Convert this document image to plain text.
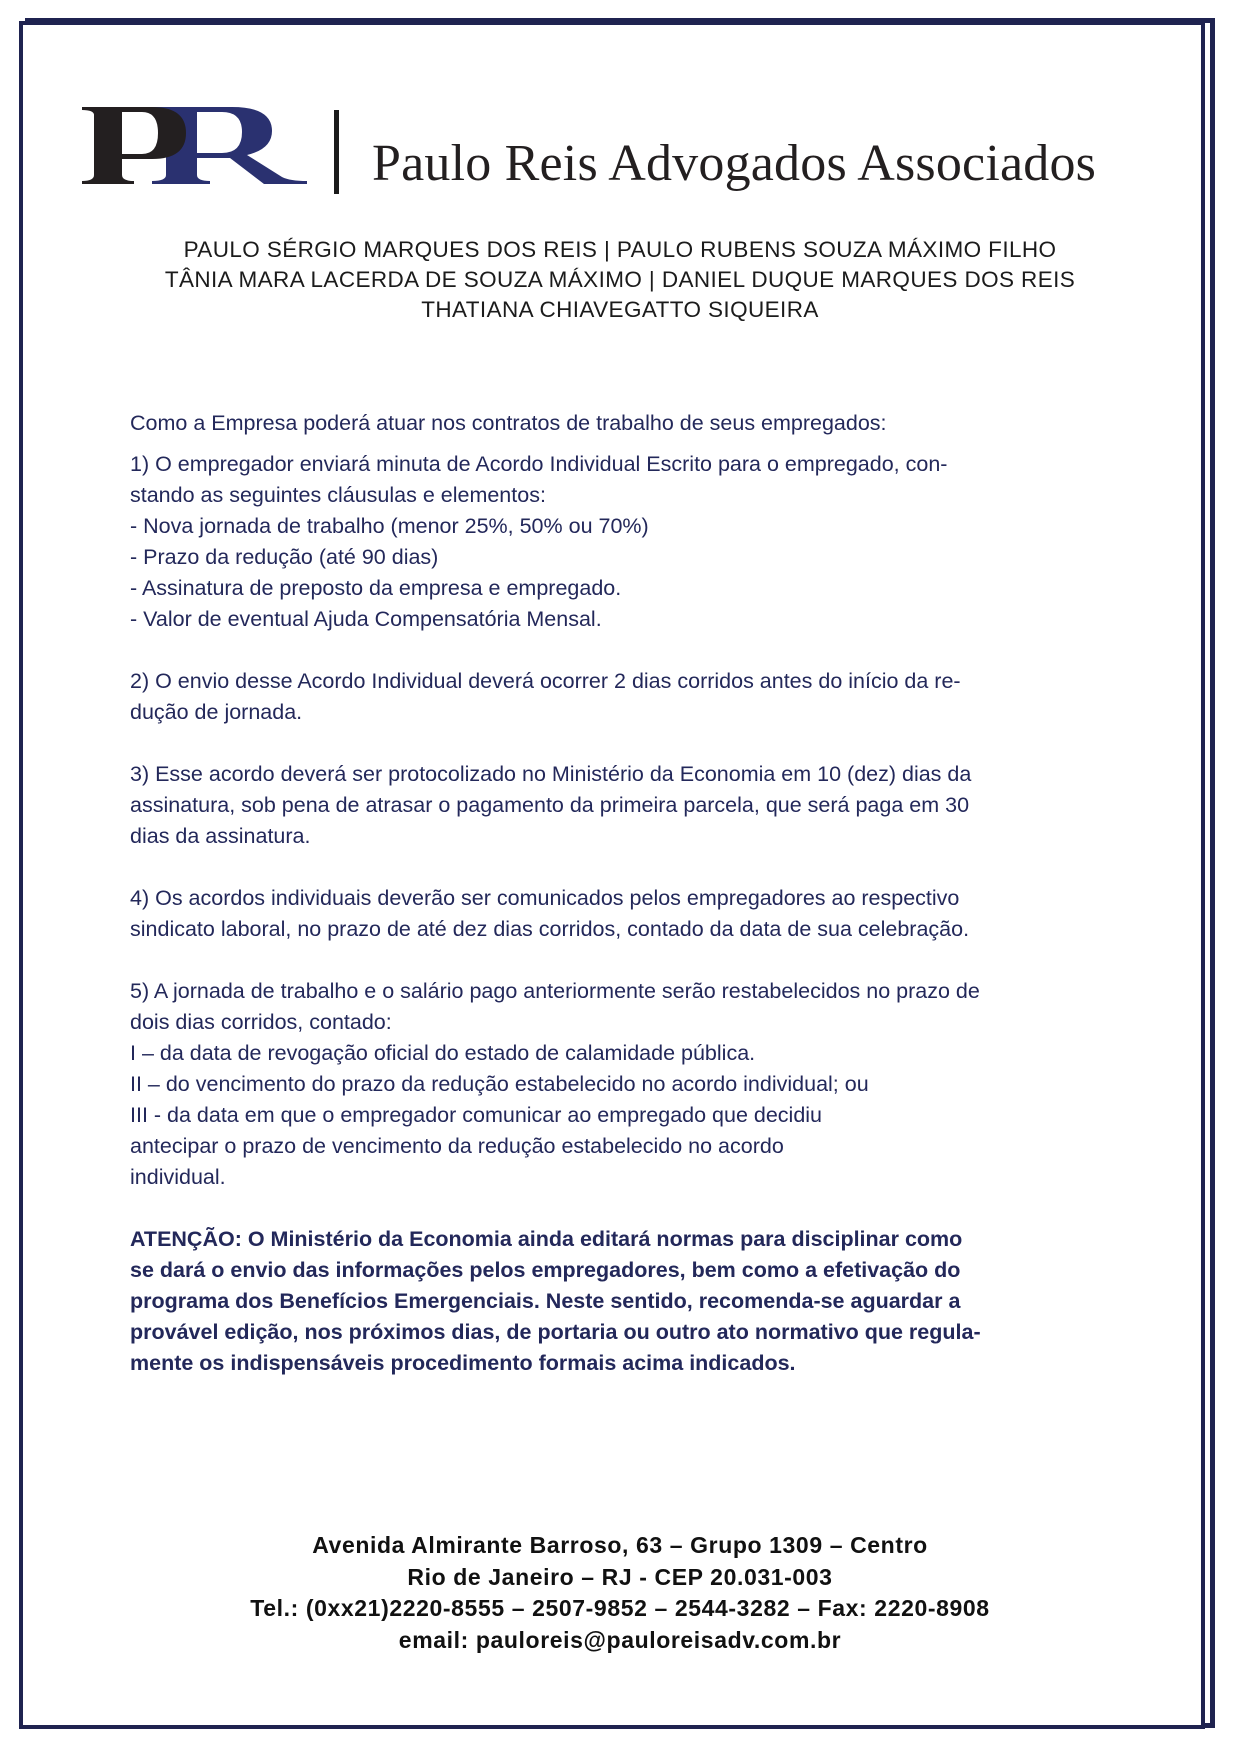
Paulo Reis Advogados Associados
PAULO SÉRGIO MARQUES DOS REIS | PAULO RUBENS SOUZA MÁXIMO FILHO
TÂNIA MARA LACERDA DE SOUZA MÁXIMO | DANIEL DUQUE MARQUES DOS REIS
THATIANA CHIAVEGATTO SIQUEIRA

Como a Empresa poderá atuar nos contratos de trabalho de seus empregados:

1) O empregador enviará minuta de Acordo Individual Escrito para o empregado, con-

stando as seguintes cláusulas e elementos:

- Nova jornada de trabalho (menor 25%, 50% ou 70%)

- Prazo da redução (até 90 dias)

- Assinatura de preposto da empresa e empregado.

- Valor de eventual Ajuda Compensatória Mensal.

2) O envio desse Acordo Individual deverá ocorrer 2 dias corridos antes do início da re-

dução de jornada.

3) Esse acordo deverá ser protocolizado no Ministério da Economia em 10 (dez) dias da

assinatura, sob pena de atrasar o pagamento da primeira parcela, que será paga em 30

dias da assinatura.

4) Os acordos individuais deverão ser comunicados pelos empregadores ao respectivo

sindicato laboral, no prazo de até dez dias corridos, contado da data de sua celebração.

5) A jornada de trabalho e o salário pago anteriormente serão restabelecidos no prazo de

dois dias corridos, contado:

I – da data de revogação oficial do estado de calamidade pública.

II – do vencimento do prazo da redução estabelecido no acordo individual; ou

III - da data em que o empregador comunicar ao empregado que decidiu

antecipar o prazo de vencimento da redução estabelecido no acordo

individual.

ATENÇÃO: O Ministério da Economia ainda editará normas para disciplinar como

se dará o envio das informações pelos empregadores, bem como a efetivação do

programa dos Benefícios Emergenciais. Neste sentido, recomenda-se aguardar a

provável edição, nos próximos dias, de portaria ou outro ato normativo que regula-

mente os indispensáveis procedimento formais acima indicados.

Avenida Almirante Barroso, 63 – Grupo 1309 – Centro
Rio de Janeiro – RJ - CEP 20.031-003
Tel.: (0xx21)2220-8555 – 2507-9852 – 2544-3282 – Fax: 2220-8908
email: pauloreis@pauloreisadv.com.br
